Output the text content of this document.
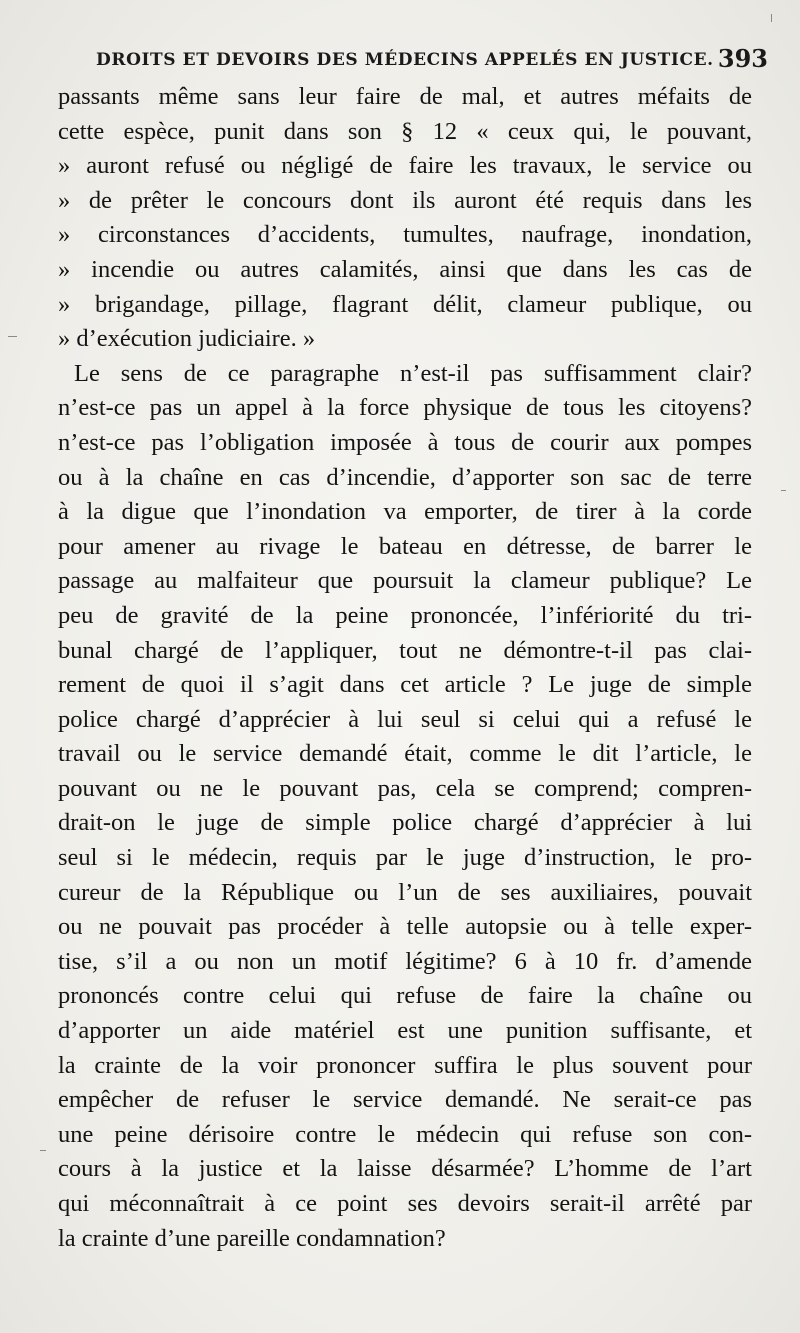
DROITS ET DEVOIRS DES MÉDECINS APPELÉS EN JUSTICE. 393
passants même sans leur faire de mal, et autres méfaits de
cette espèce, punit dans son § 12 « ceux qui, le pouvant,
» auront refusé ou négligé de faire les travaux, le service ou
» de prêter le concours dont ils auront été requis dans les
» circonstances d’accidents, tumultes, naufrage, inondation,
» incendie ou autres calamités, ainsi que dans les cas de
» brigandage, pillage, flagrant délit, clameur publique, ou
» d’exécution judiciaire. »
Le sens de ce paragraphe n’est-il pas suffisamment clair?
n’est-ce pas un appel à la force physique de tous les citoyens?
n’est-ce pas l’obligation imposée à tous de courir aux pompes
ou à la chaîne en cas d’incendie, d’apporter son sac de terre
à la digue que l’inondation va emporter, de tirer à la corde
pour amener au rivage le bateau en détresse, de barrer le
passage au malfaiteur que poursuit la clameur publique? Le
peu de gravité de la peine prononcée, l’infériorité du tri-
bunal chargé de l’appliquer, tout ne démontre-t-il pas clai-
rement de quoi il s’agit dans cet article ? Le juge de simple
police chargé d’apprécier à lui seul si celui qui a refusé le
travail ou le service demandé était, comme le dit l’article, le
pouvant ou ne le pouvant pas, cela se comprend; compren-
drait-on le juge de simple police chargé d’apprécier à lui
seul si le médecin, requis par le juge d’instruction, le pro-
cureur de la République ou l’un de ses auxiliaires, pouvait
ou ne pouvait pas procéder à telle autopsie ou à telle exper-
tise, s’il a ou non un motif légitime? 6 à 10 fr. d’amende
prononcés contre celui qui refuse de faire la chaîne ou
d’apporter un aide matériel est une punition suffisante, et
la crainte de la voir prononcer suffira le plus souvent pour
empêcher de refuser le service demandé. Ne serait-ce pas
une peine dérisoire contre le médecin qui refuse son con-
cours à la justice et la laisse désarmée? L’homme de l’art
qui méconnaîtrait à ce point ses devoirs serait-il arrêté par
la crainte d’une pareille condamnation?
